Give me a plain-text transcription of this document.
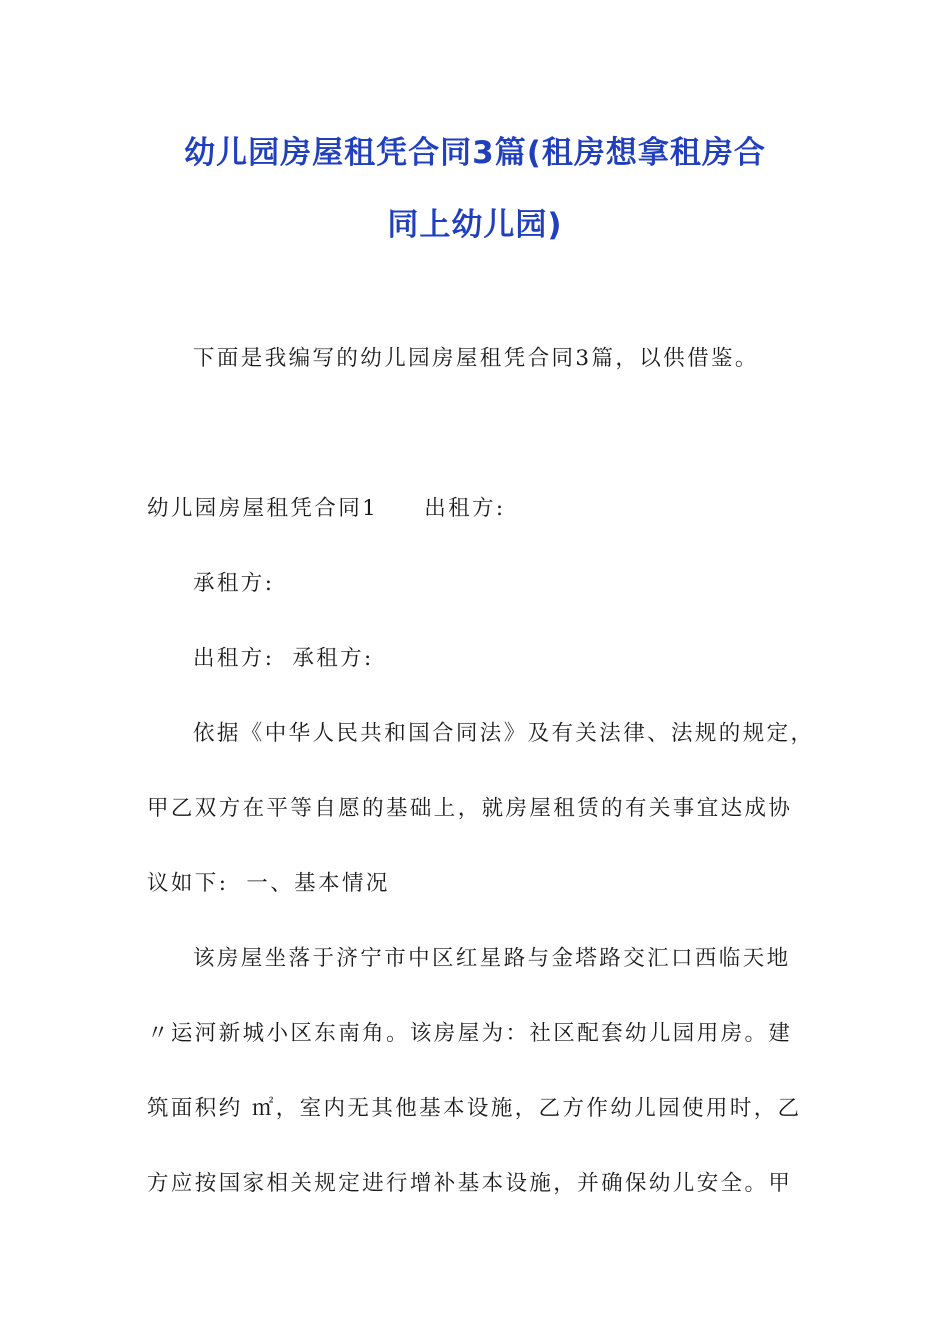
幼儿园房屋租凭合同3篇(租房想拿租房合
同上幼儿园)
下面是我编写的幼儿园房屋租凭合同3篇，以供借鉴。
幼儿园房屋租凭合同1 出租方:
承租方:
出租方: 承租方:
依据《中华人民共和国合同法》及有关法律、法规的规定，
甲乙双方在平等自愿的基础上，就房屋租赁的有关事宜达成协
议如下: 一、基本情况
该房屋坐落于济宁市中区红星路与金塔路交汇口西临天地
〃运河新城小区东南角。该房屋为：社区配套幼儿园用房。建
筑面积约 ㎡，室内无其他基本设施，乙方作幼儿园使用时，乙
方应按国家相关规定进行增补基本设施，并确保幼儿安全。甲
